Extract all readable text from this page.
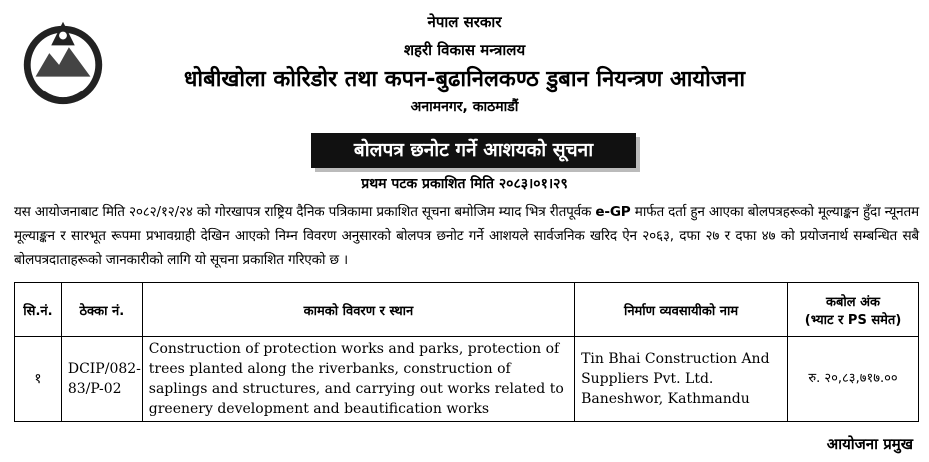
नेपाल सरकार
शहरी विकास मन्त्रालय
धोबीखोला कोरिडोर तथा कपन-बुढानिलकण्ठ डुबान नियन्त्रण आयोजना
अनामनगर, काठमाडौं
बोलपत्र छनोट गर्ने आशयको सूचना
प्रथम पटक प्रकाशित मिति २०८३।०१।२९
यस आयोजनाबाट मिति २०८२/१२/२४ को गोरखापत्र राष्ट्रिय दैनिक पत्रिकामा प्रकाशित सूचना बमोजिम म्याद भित्र रीतपूर्वक e-GP मार्फत दर्ता हुन आएका बोलपत्रहरूको मूल्याङ्कन हुँदा न्यूनतम मूल्याङ्कन र सारभूत रूपमा प्रभावग्राही देखिन आएको निम्न विवरण अनुसारको बोलपत्र छनोट गर्ने आशयले सार्वजनिक खरिद ऐन २०६३, दफा २७ र दफा ४७ को प्रयोजनार्थ सम्बन्धित सबै बोलपत्रदाताहरूको जानकारीको लागि यो सूचना प्रकाशित गरिएको छ ।
सि.नं.	ठेक्का नं.	कामको विवरण र स्थान	निर्माण व्यवसायीको नाम	कबोल अंक
(भ्याट र PS समेत)
१	DCIP/082-83/P-02	Construction of protection works and parks, protection of trees planted along the riverbanks, construction of saplings and structures, and carrying out works related to greenery development and beautification works	Tin Bhai Construction And Suppliers Pvt. Ltd.
Baneshwor, Kathmandu	रु. २०,८३,७१७.००
आयोजना प्रमुख
